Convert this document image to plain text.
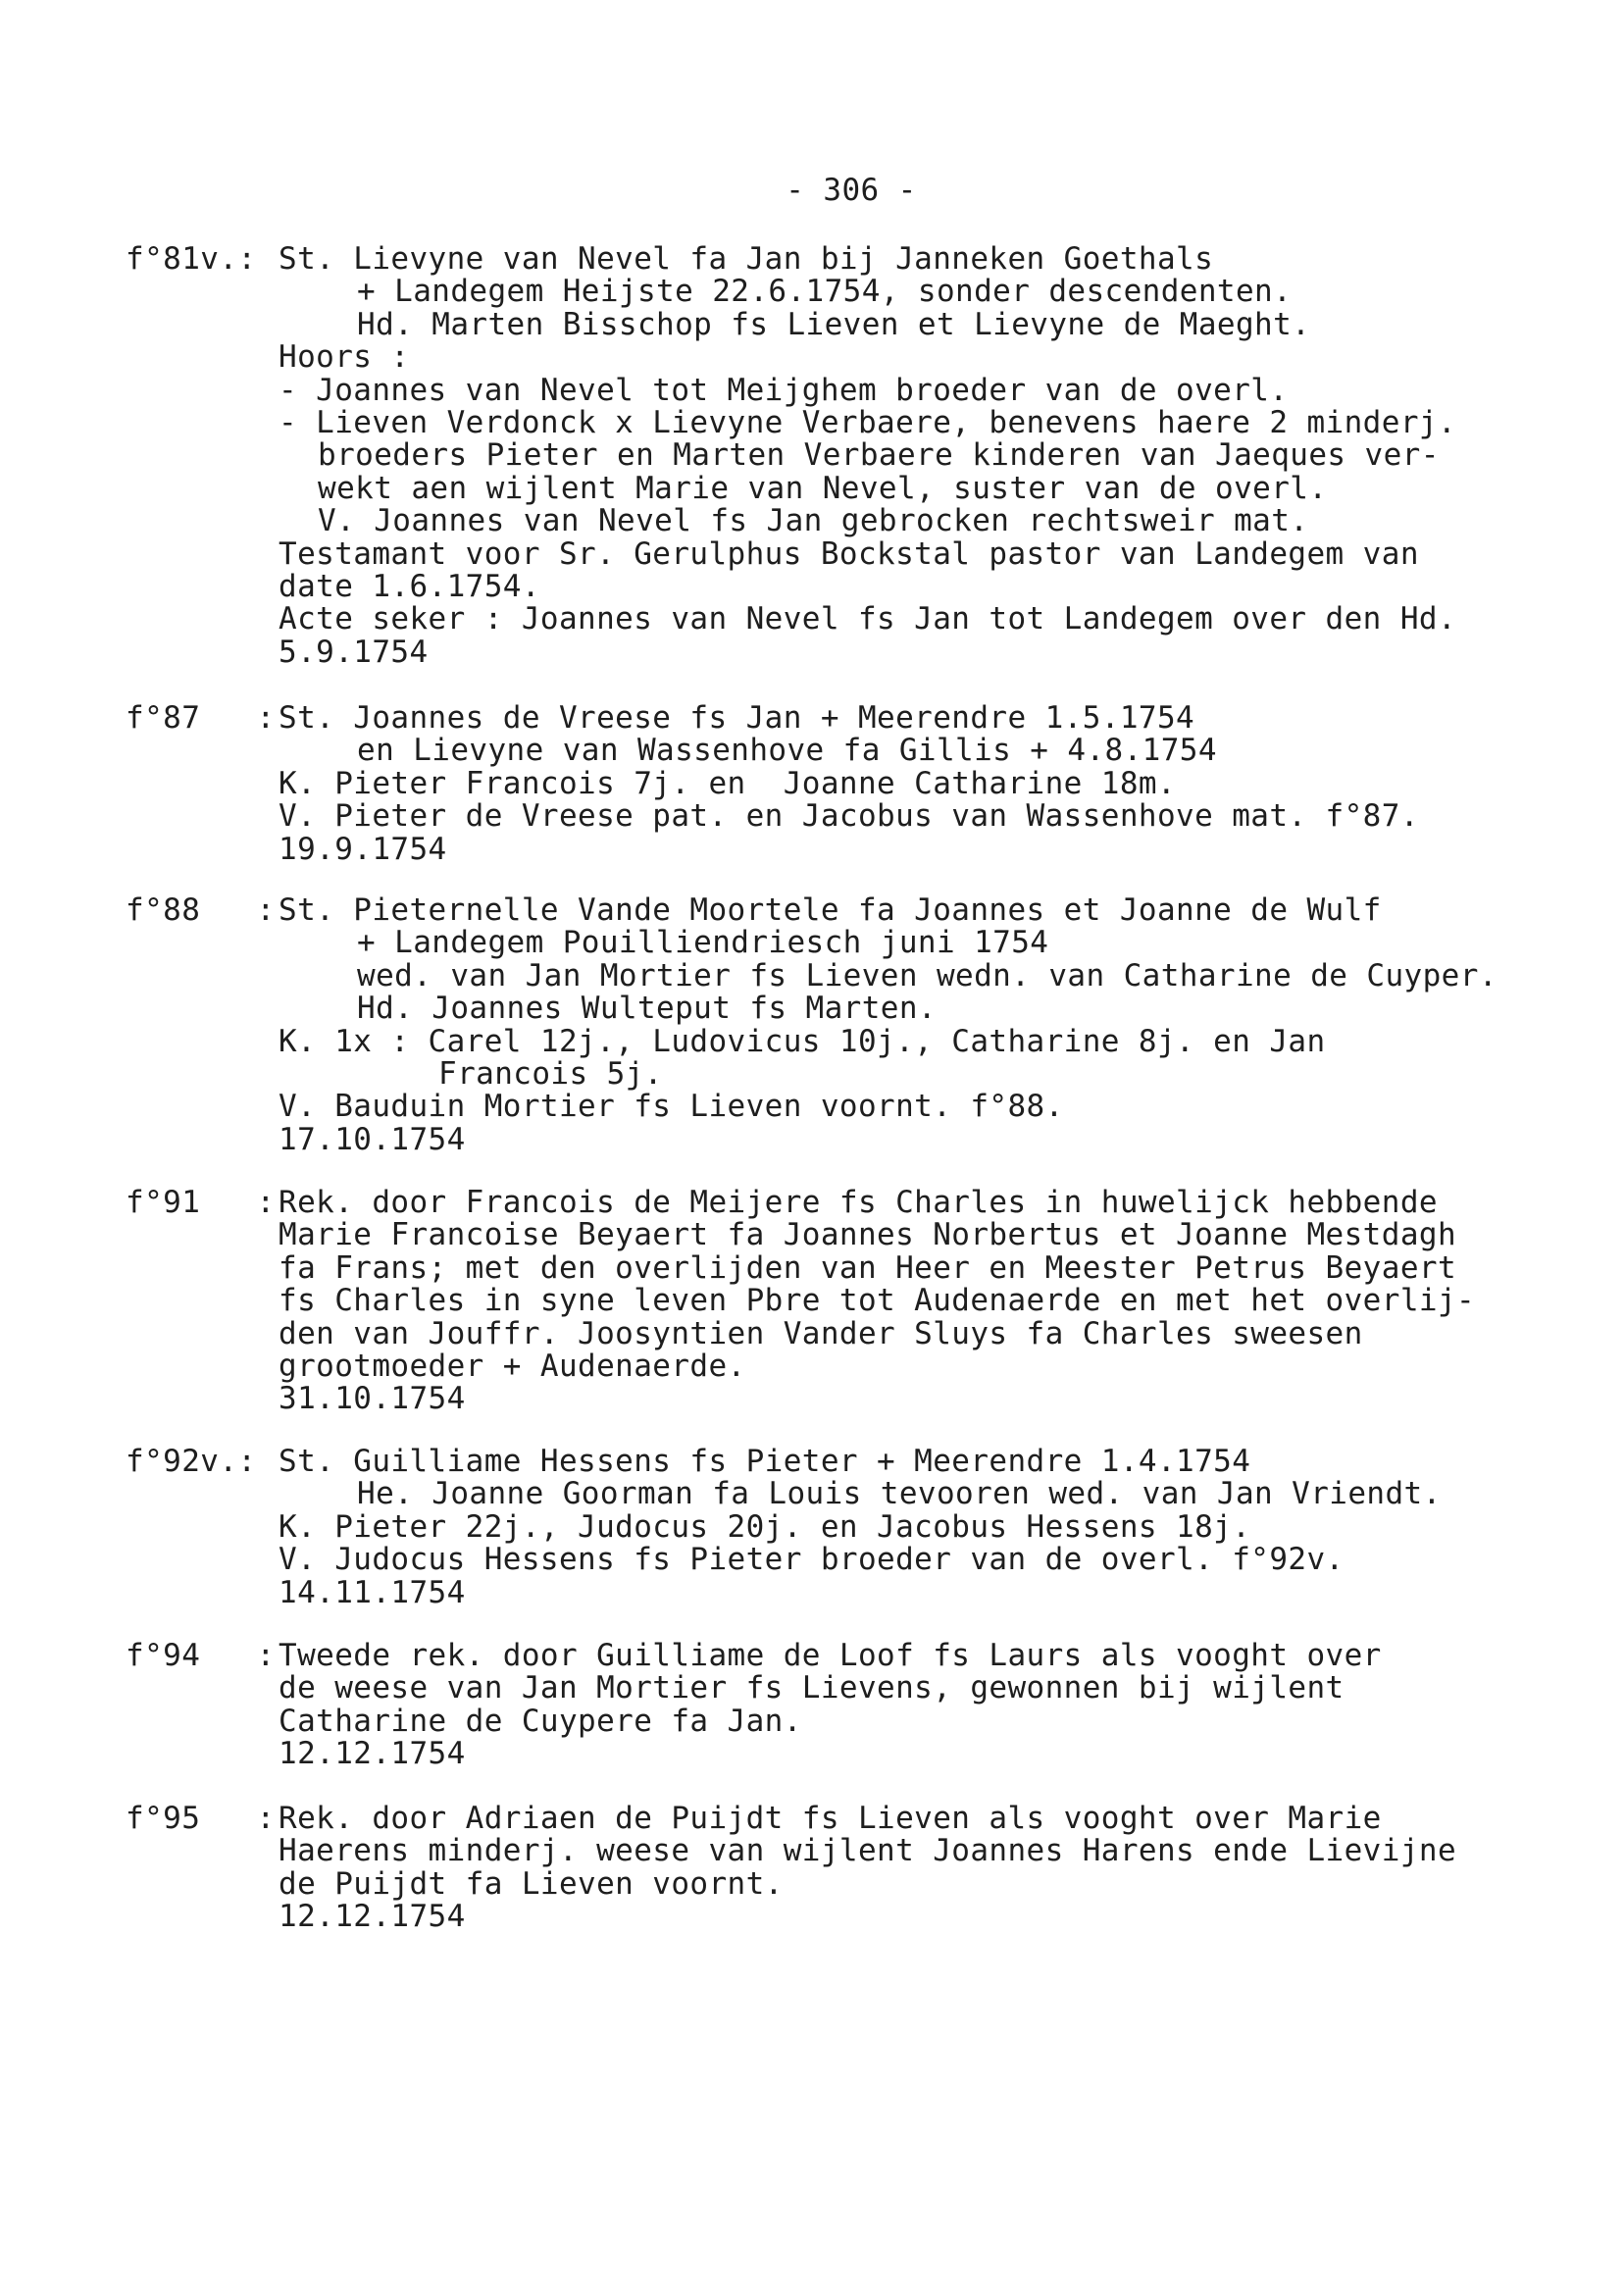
- 306 -
f°81v.: St. Lievyne van Nevel fa Jan bij Janneken Goethals
+ Landegem Heijste 22.6.1754, sonder descendenten.
Hd. Marten Bisschop fs Lieven et Lievyne de Maeght.
Hoors :
- Joannes van Nevel tot Meijghem broeder van de overl.
- Lieven Verdonck x Lievyne Verbaere, benevens haere 2 minderj.
broeders Pieter en Marten Verbaere kinderen van Jaeques ver-
wekt aen wijlent Marie van Nevel, suster van de overl.
V. Joannes van Nevel fs Jan gebrocken rechtsweir mat.
Testamant voor Sr. Gerulphus Bockstal pastor van Landegem van
date 1.6.1754.
Acte seker : Joannes van Nevel fs Jan tot Landegem over den Hd.
5.9.1754
f°87   : St. Joannes de Vreese fs Jan + Meerendre 1.5.1754
en Lievyne van Wassenhove fa Gillis + 4.8.1754
K. Pieter Francois 7j. en  Joanne Catharine 18m.
V. Pieter de Vreese pat. en Jacobus van Wassenhove mat. f°87.
19.9.1754
f°88   : St. Pieternelle Vande Moortele fa Joannes et Joanne de Wulf
+ Landegem Pouilliendriesch juni 1754
wed. van Jan Mortier fs Lieven wedn. van Catharine de Cuyper.
Hd. Joannes Wulteput fs Marten.
K. 1x : Carel 12j., Ludovicus 10j., Catharine 8j. en Jan
Francois 5j.
V. Bauduin Mortier fs Lieven voornt. f°88.
17.10.1754
f°91   : Rek. door Francois de Meijere fs Charles in huwelijck hebbende
Marie Francoise Beyaert fa Joannes Norbertus et Joanne Mestdagh
fa Frans; met den overlijden van Heer en Meester Petrus Beyaert
fs Charles in syne leven Pbre tot Audenaerde en met het overlij-
den van Jouffr. Joosyntien Vander Sluys fa Charles sweesen
grootmoeder + Audenaerde.
31.10.1754
f°92v.: St. Guilliame Hessens fs Pieter + Meerendre 1.4.1754
He. Joanne Goorman fa Louis tevooren wed. van Jan Vriendt.
K. Pieter 22j., Judocus 20j. en Jacobus Hessens 18j.
V. Judocus Hessens fs Pieter broeder van de overl. f°92v.
14.11.1754
f°94   : Tweede rek. door Guilliame de Loof fs Laurs als vooght over
de weese van Jan Mortier fs Lievens, gewonnen bij wijlent
Catharine de Cuypere fa Jan.
12.12.1754
f°95   : Rek. door Adriaen de Puijdt fs Lieven als vooght over Marie
Haerens minderj. weese van wijlent Joannes Harens ende Lievijne
de Puijdt fa Lieven voornt.
12.12.1754
